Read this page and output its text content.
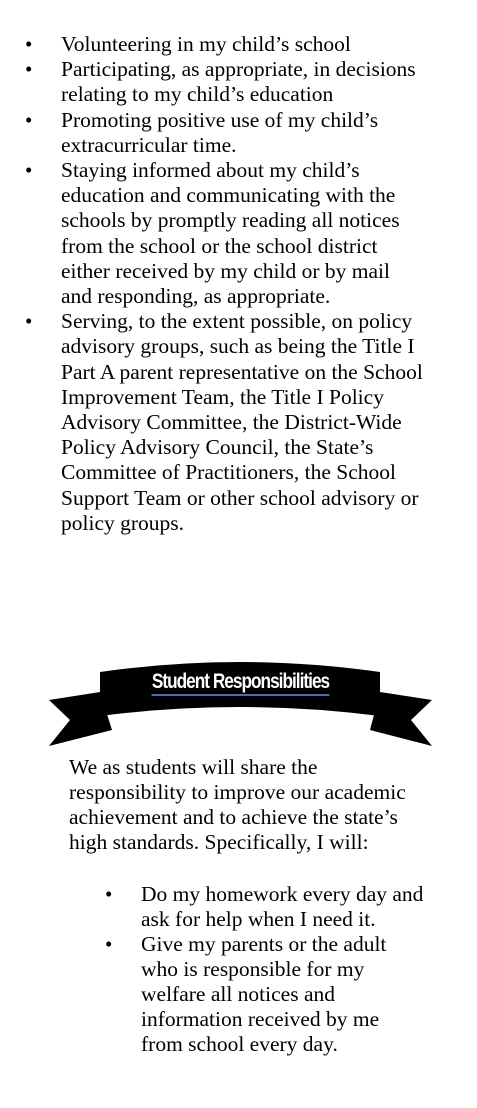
• Volunteering in my child’s school
• Participating, as appropriate, in decisions relating to my child’s education
• Promoting positive use of my child’s extracurricular time.
• Staying informed about my child’s education and communicating with the schools by promptly reading all notices from the school or the school district either received by my child or by mail and responding, as appropriate.
• Serving, to the extent possible, on policy advisory groups, such as being the Title I Part A parent representative on the School Improvement Team, the Title I Policy Advisory Committee, the District-Wide Policy Advisory Council, the State’s Committee of Practitioners, the School Support Team or other school advisory or policy groups.
Student Responsibilities

We as students will share the responsibility to improve our academic achievement and to achieve the state’s high standards. Specifically, I will:

• Do my homework every day and ask for help when I need it.
• Give my parents or the adult who is responsible for my welfare all notices and information received by me from school every day.
